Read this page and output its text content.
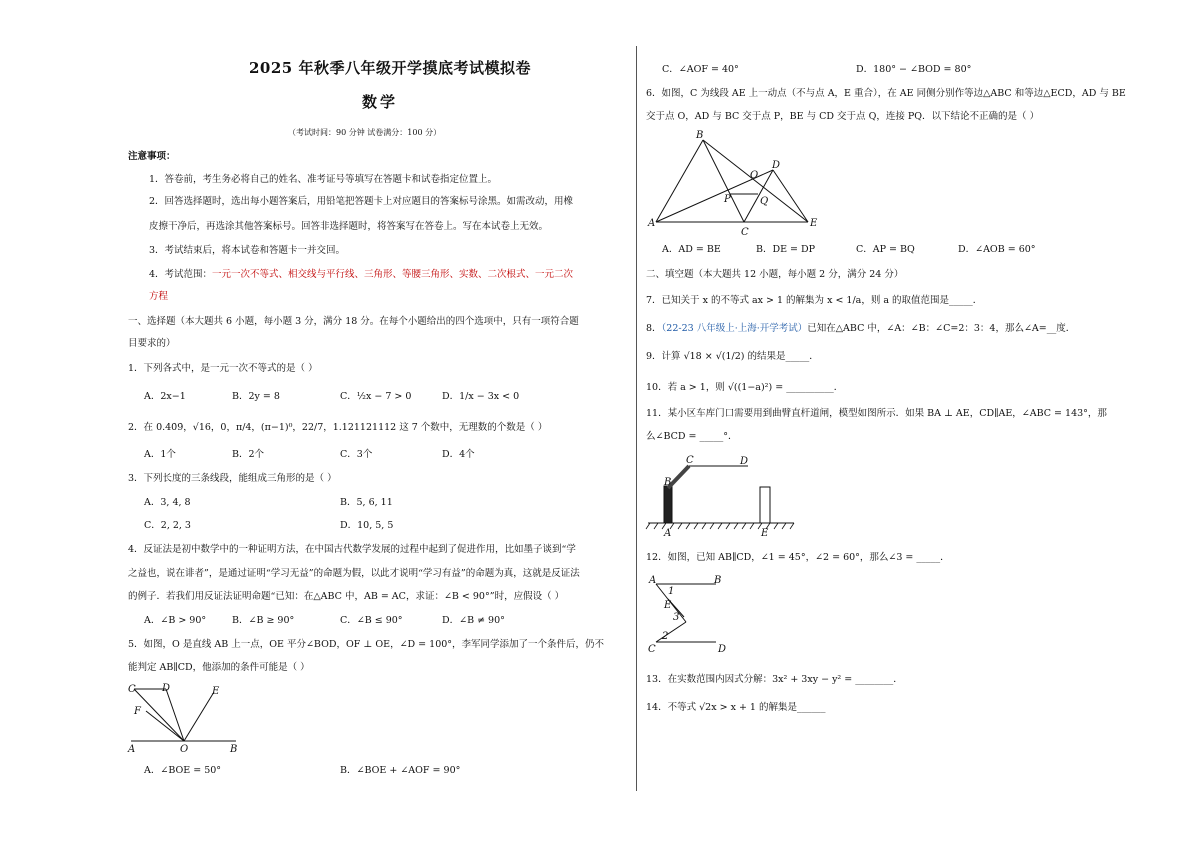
2025 年秋季八年级开学摸底考试模拟卷
数学
（考试时间：90 分钟 试卷满分：100 分）
注意事项：
1．答卷前，考生务必将自己的姓名、准考证号等填写在答题卡和试卷指定位置上。
2．回答选择题时，选出每小题答案后，用铅笔把答题卡上对应题目的答案标号涂黑。如需改动，用橡
皮擦干净后，再选涂其他答案标号。回答非选择题时，将答案写在答卷上。写在本试卷上无效。
3．考试结束后，将本试卷和答题卡一并交回。
4．考试范围：一元一次不等式、相交线与平行线、三角形、等腰三角形、实数、二次根式、一元二次
方程
一、选择题（本大题共 6 小题，每小题 3 分，满分 18 分。在每个小题给出的四个选项中，只有一项符合题
目要求的）
1．下列各式中，是一元一次不等式的是（ ）
A．2x−1	B．2y = 8	C．½x − 7 > 0	D．1/x − 3x < 0
2．在 0.4̇0̇9̇，√16，0，π/4，(π−1)⁰，22/7，1.121121112 这 7 个数中，无理数的个数是（ ）
A．1个	B．2个	C．3个	D．4个
3．下列长度的三条线段，能组成三角形的是（ ）
A．3, 4, 8	B．5, 6, 11
C．2, 2, 3	D．10, 5, 5
4．反证法是初中数学中的一种证明方法，在中国古代数学发展的过程中起到了促进作用，比如墨子谈到“学
之益也，说在诽者”，是通过证明“学习无益”的命题为假，以此才说明“学习有益”的命题为真，这就是反证法
的例子．若我们用反证法证明命题“已知：在△ABC 中，AB = AC，求证：∠B < 90°”时，应假设（ ）
A．∠B > 90°	B．∠B ≥ 90°	C．∠B ≤ 90°	D．∠B ≠ 90°
5．如图，O 是直线 AB 上一点，OE 平分∠BOD，OF ⊥ OE，∠D = 100°，李军同学添加了一个条件后，仍不
能判定 AB∥CD，他添加的条件可能是（ ）
C	D	E
F
A	O	B
A．∠BOE = 50°	B．∠BOE + ∠AOF = 90°
C．∠AOF = 40°	D．180° − ∠BOD = 80°
6．如图，C 为线段 AE 上一动点（不与点 A，E 重合），在 AE 同侧分别作等边△ABC 和等边△ECD，AD 与 BE
交于点 O，AD 与 BC 交于点 P，BE 与 CD 交于点 Q，连接 PQ．以下结论不正确的是（ ）
B
D
O
P	Q
A
C
E
A．AD = BE	B．DE = DP	C．AP = BQ	D．∠AOB = 60°
二、填空题（本大题共 12 小题，每小题 2 分，满分 24 分）
7．已知关于 x 的不等式 ax > 1 的解集为 x < 1/a，则 a 的取值范围是_____．
8．（22-23 八年级上·上海·开学考试）已知在△ABC 中，∠A：∠B：∠C=2：3：4，那么∠A=__度．
9．计算 √18 × √(1/2) 的结果是_____．
10．若 a > 1，则 √((1−a)²) = __________．
11．某小区车库门口需要用到曲臂直杆道闸，模型如图所示．如果 BA ⊥ AE，CD∥AE，∠ABC = 143°，那
么∠BCD = _____°．
B
C	D
A	E
12．如图，已知 AB∥CD，∠1 = 45°，∠2 = 60°，那么∠3 = _____．
A	B
E
1
3
2
C	D
13．在实数范围内因式分解：3x² + 3xy − y² = ________．
14．不等式 √2x > x + 1 的解集是______
